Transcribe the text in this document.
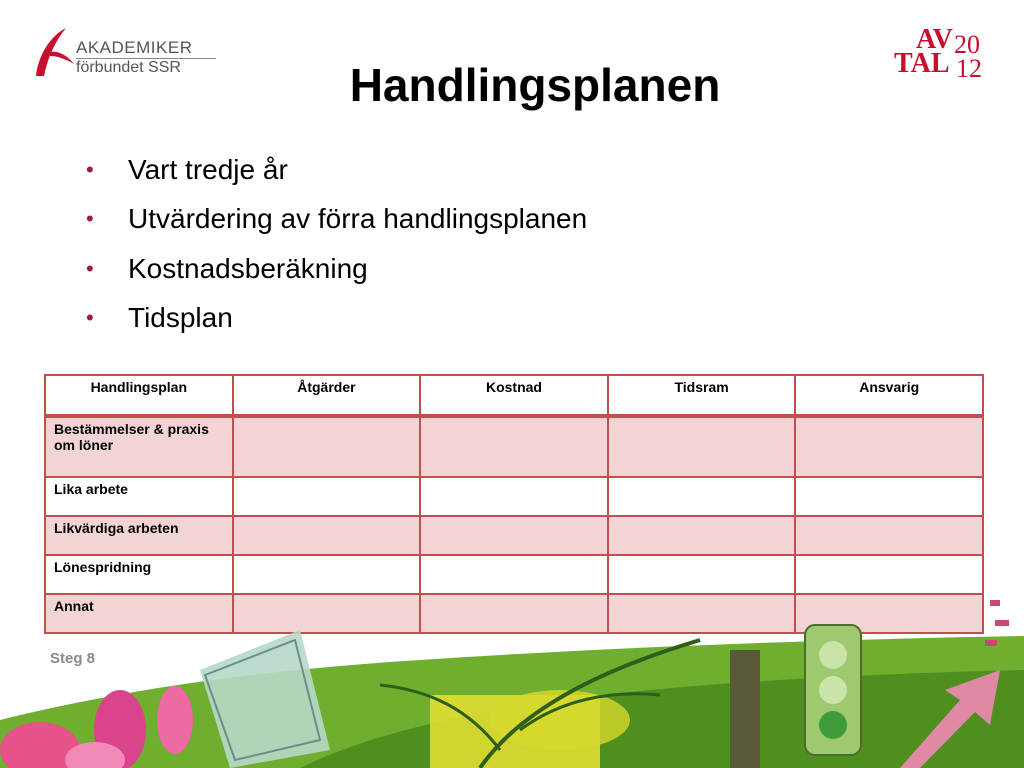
AKADEMIKER
förbundet SSR
AV
TAL
20
12
Handlingsplanen
•	Vart tredje år
•	Utvärdering av förra handlingsplanen
•	Kostnadsberäkning
•	Tidsplan
Handlingsplan	Åtgärder	Kostnad	Tidsram	Ansvarig
Bestämmelser & praxis om löner				
Lika arbete				
Likvärdiga arbeten				
Lönespridning				
Annat				
Steg 8
